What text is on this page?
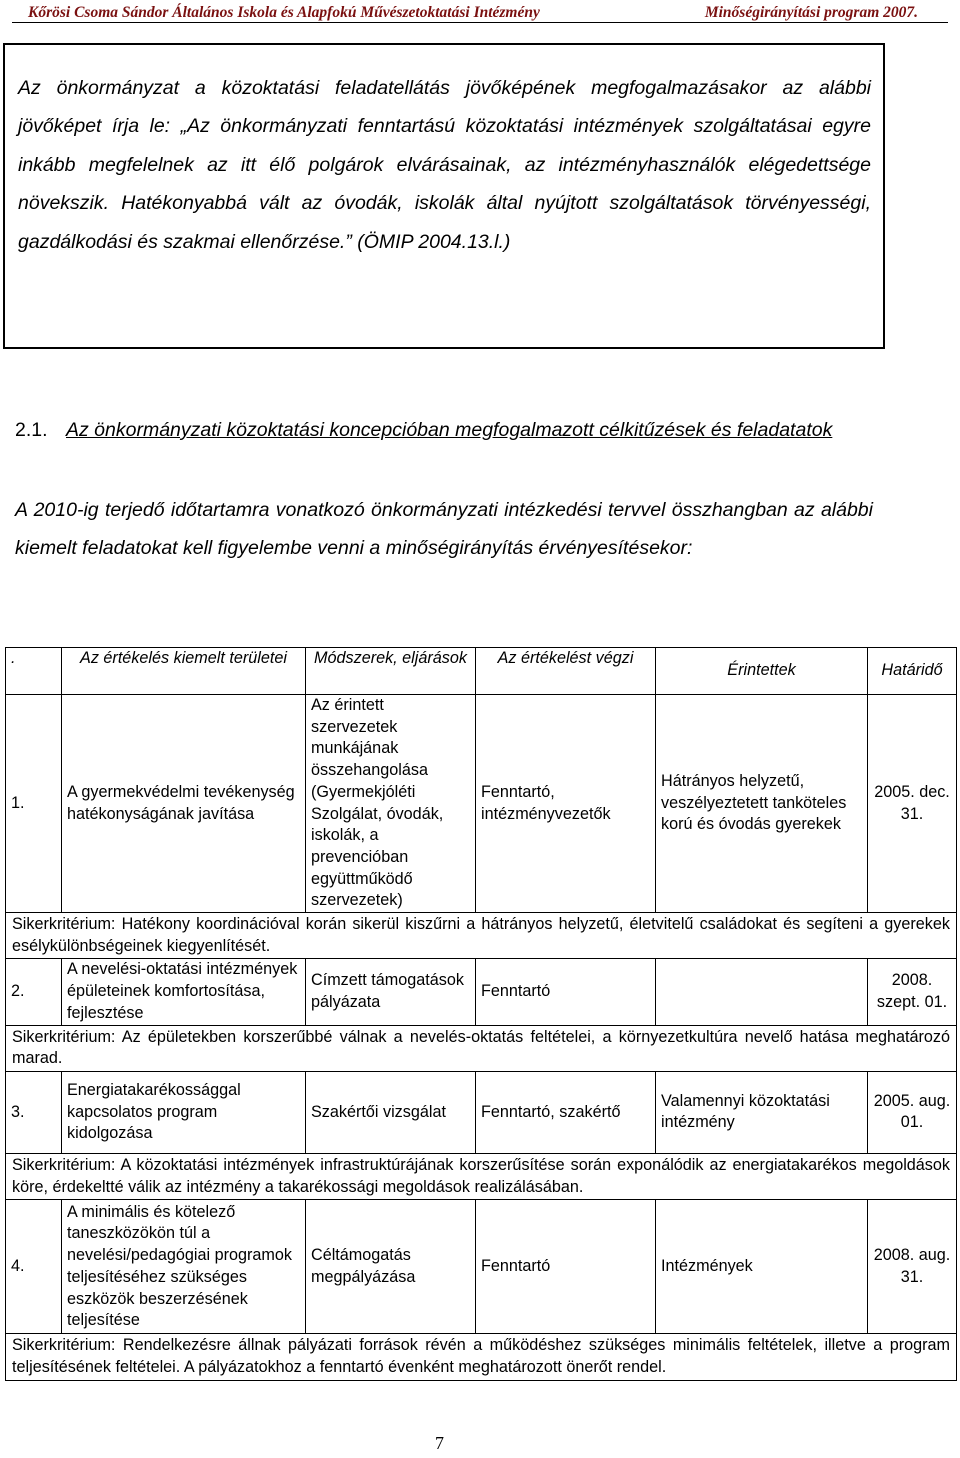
Kőrösi Csoma Sándor Általános Iskola és Alapfokú Művészetoktatási Intézmény	Minőségirányítási program 2007.

Az önkormányzat a közoktatási feladatellátás jövőképének megfogalmazásakor az alábbi jövőképet írja le: „Az önkormányzati fenntartású közoktatási intézmények szolgáltatásai egyre inkább megfelelnek az itt élő polgárok elvárásainak, az intézményhasználók elégedettsége növekszik. Hatékonyabbá vált az óvodák, iskolák által nyújtott szolgáltatások törvényességi, gazdálkodási és szakmai ellenőrzése.” (ÖMIP 2004.13.l.)

2.1. Az önkormányzati közoktatási koncepcióban megfogalmazott célkitűzések és feladatatok

A 2010-ig terjedő időtartamra vonatkozó önkormányzati intézkedési tervvel összhangban az alábbi kiemelt feladatokat kell figyelembe venni a minőségirányítás érvényesítésekor:

.	Az értékelés kiemelt területei	Módszerek, eljárások	Az értékelést végzi	Érintettek	Határidő
1.	A gyermekvédelmi tevékenység hatékonyságának javítása	Az érintett szervezetek munkájának összehangolása (Gyermekjóléti Szolgálat, óvodák, iskolák, a prevencióban együttműködő szervezetek)	Fenntartó, intézményvezetők	Hátrányos helyzetű, veszélyeztetett tanköteles korú és óvodás gyerekek	2005. dec. 31.
Sikerkritérium: Hatékony koordinációval korán sikerül kiszűrni a hátrányos helyzetű, életvitelű családokat és segíteni a gyerekek esélykülönbségeinek kiegyenlítését.					
2.	A nevelési-oktatási intézmények épületeinek komfortosítása, fejlesztése	Címzett támogatások pályázata	Fenntartó		2008. szept. 01.
Sikerkritérium: Az épületekben korszerűbbé válnak a nevelés-oktatás feltételei, a környezetkultúra nevelő hatása meghatározó marad.					
3.	Energiatakarékossággal kapcsolatos program kidolgozása	Szakértői vizsgálat	Fenntartó, szakértő	Valamennyi közoktatási intézmény	2005. aug. 01.
Sikerkritérium: A közoktatási intézmények infrastruktúrájának korszerűsítése során exponálódik az energiatakarékos megoldások köre, érdekeltté válik az intézmény a takarékossági megoldások realizálásában.					
4.	A minimális és kötelező taneszközökön túl a nevelési/pedagógiai programok teljesítéséhez szükséges eszközök beszerzésének teljesítése	Céltámogatás megpályázása	Fenntartó	Intézmények	2008. aug. 31.
Sikerkritérium: Rendelkezésre állnak pályázati források révén a működéshez szükséges minimális feltételek, illetve a program teljesítésének feltételei. A pályázatokhoz a fenntartó évenként meghatározott önerőt rendel.					
7
